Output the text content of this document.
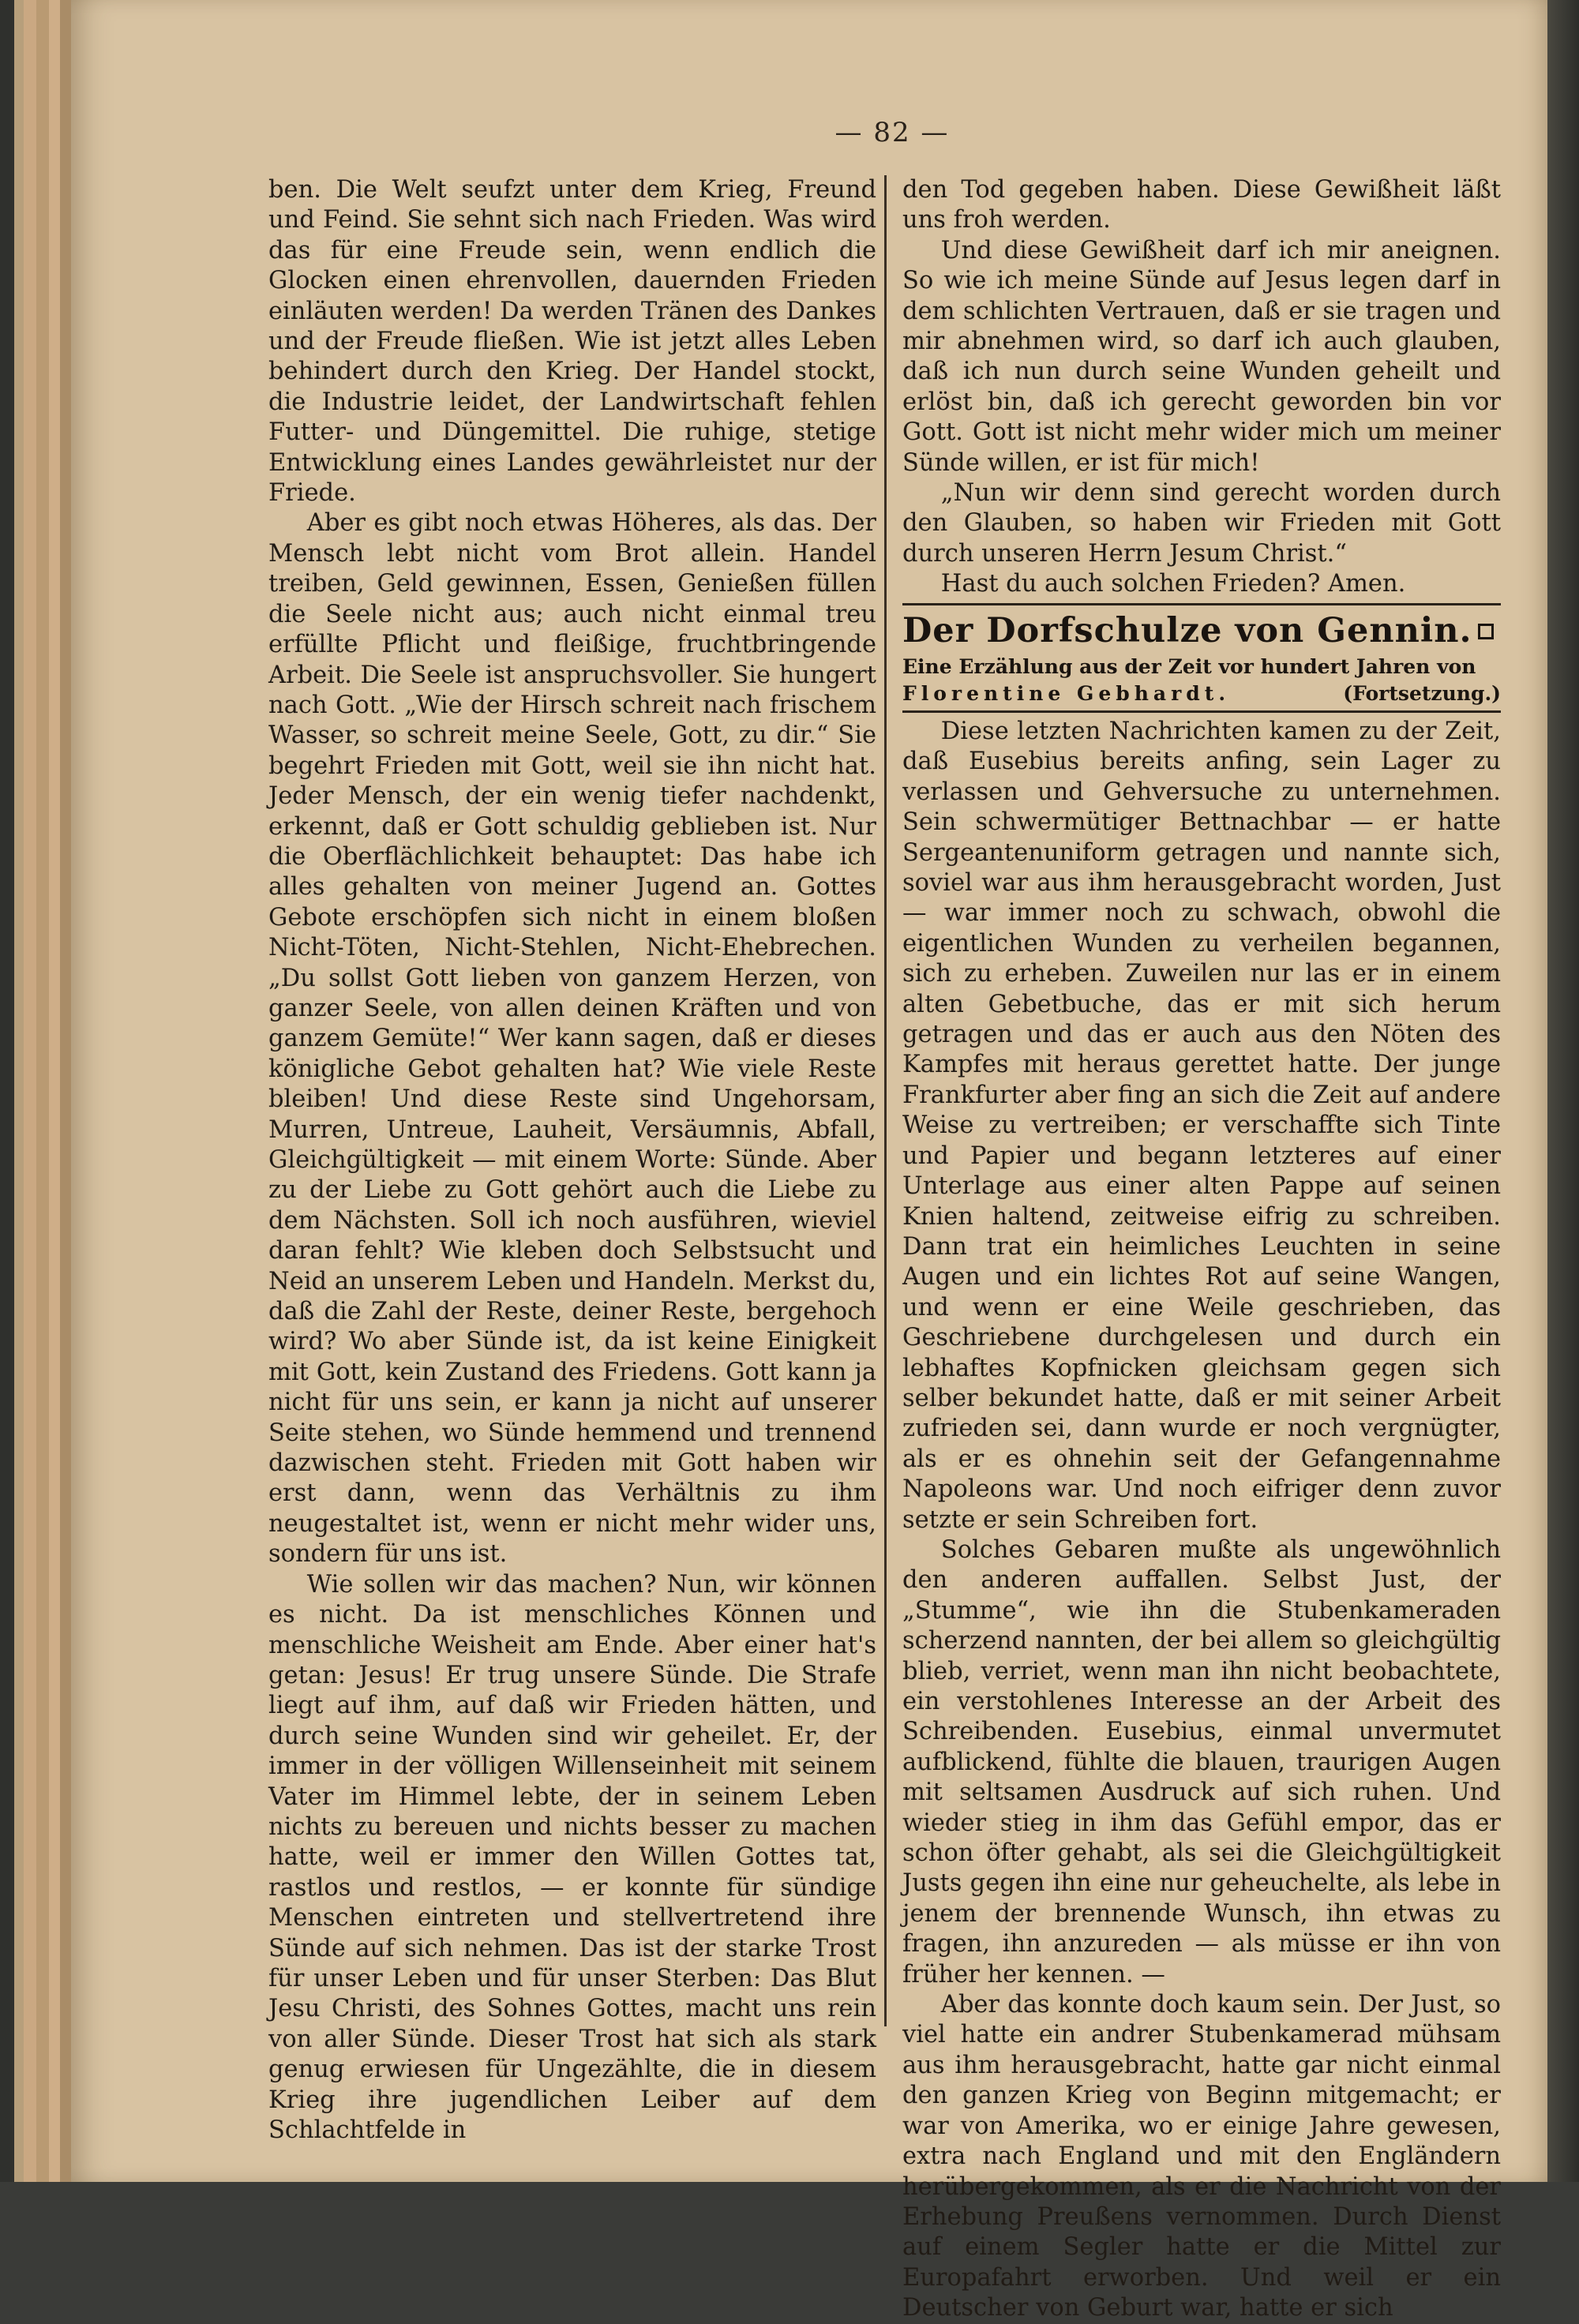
— 82 —

ben. Die Welt seufzt unter dem Krieg, Freund und Feind. Sie sehnt sich nach Frieden. Was wird das für eine Freude sein, wenn endlich die Glocken einen ehrenvollen, dauernden Frieden einläuten werden! Da werden Tränen des Dankes und der Freude fließen. Wie ist jetzt alles Leben behindert durch den Krieg. Der Handel stockt, die Industrie leidet, der Landwirtschaft fehlen Futter- und Düngemittel. Die ruhige, stetige Entwicklung eines Landes gewährleistet nur der Friede.

Aber es gibt noch etwas Höheres, als das. Der Mensch lebt nicht vom Brot allein. Handel treiben, Geld gewinnen, Essen, Genießen füllen die Seele nicht aus; auch nicht einmal treu erfüllte Pflicht und fleißige, fruchtbringende Arbeit. Die Seele ist anspruchsvoller. Sie hungert nach Gott. „Wie der Hirsch schreit nach frischem Wasser, so schreit meine Seele, Gott, zu dir.“ Sie begehrt Frieden mit Gott, weil sie ihn nicht hat. Jeder Mensch, der ein wenig tiefer nachdenkt, erkennt, daß er Gott schuldig geblieben ist. Nur die Oberflächlichkeit behauptet: Das habe ich alles gehalten von meiner Jugend an. Gottes Gebote erschöpfen sich nicht in einem bloßen Nicht-Töten, Nicht-Stehlen, Nicht-Ehebrechen. „Du sollst Gott lieben von ganzem Herzen, von ganzer Seele, von allen deinen Kräften und von ganzem Gemüte!“ Wer kann sagen, daß er dieses königliche Gebot gehalten hat? Wie viele Reste bleiben! Und diese Reste sind Ungehorsam, Murren, Untreue, Lauheit, Versäumnis, Abfall, Gleichgültigkeit — mit einem Worte: Sünde. Aber zu der Liebe zu Gott gehört auch die Liebe zu dem Nächsten. Soll ich noch ausführen, wieviel daran fehlt? Wie kleben doch Selbstsucht und Neid an unserem Leben und Handeln. Merkst du, daß die Zahl der Reste, deiner Reste, bergehoch wird? Wo aber Sünde ist, da ist keine Einigkeit mit Gott, kein Zustand des Friedens. Gott kann ja nicht für uns sein, er kann ja nicht auf unserer Seite stehen, wo Sünde hemmend und trennend dazwischen steht. Frieden mit Gott haben wir erst dann, wenn das Verhältnis zu ihm neugestaltet ist, wenn er nicht mehr wider uns, sondern für uns ist.

Wie sollen wir das machen? Nun, wir können es nicht. Da ist menschliches Können und menschliche Weisheit am Ende. Aber einer hat's getan: Jesus! Er trug unsere Sünde. Die Strafe liegt auf ihm, auf daß wir Frieden hätten, und durch seine Wunden sind wir geheilet. Er, der immer in der völligen Willenseinheit mit seinem Vater im Himmel lebte, der in seinem Leben nichts zu bereuen und nichts besser zu machen hatte, weil er immer den Willen Gottes tat, rastlos und restlos, — er konnte für sündige Menschen eintreten und stellvertretend ihre Sünde auf sich nehmen. Das ist der starke Trost für unser Leben und für unser Sterben: Das Blut Jesu Christi, des Sohnes Gottes, macht uns rein von aller Sünde. Dieser Trost hat sich als stark genug erwiesen für Ungezählte, die in diesem Krieg ihre jugendlichen Leiber auf dem Schlachtfelde in

den Tod gegeben haben. Diese Gewißheit läßt uns froh werden.

Und diese Gewißheit darf ich mir aneignen. So wie ich meine Sünde auf Jesus legen darf in dem schlichten Vertrauen, daß er sie tragen und mir abnehmen wird, so darf ich auch glauben, daß ich nun durch seine Wunden geheilt und erlöst bin, daß ich gerecht geworden bin vor Gott. Gott ist nicht mehr wider mich um meiner Sünde willen, er ist für mich!

„Nun wir denn sind gerecht worden durch den Glauben, so haben wir Frieden mit Gott durch unseren Herrn Jesum Christ.“

Hast du auch solchen Frieden? Amen.

Der Dorfschulze von Gennin.
Eine Erzählung aus der Zeit vor hundert Jahren von
Florentine Gebhardt.	(Fortsetzung.)

Diese letzten Nachrichten kamen zu der Zeit, daß Eusebius bereits anfing, sein Lager zu verlassen und Gehversuche zu unternehmen. Sein schwermütiger Bettnachbar — er hatte Sergeantenuniform getragen und nannte sich, soviel war aus ihm herausgebracht worden, Just — war immer noch zu schwach, obwohl die eigentlichen Wunden zu verheilen begannen, sich zu erheben. Zuweilen nur las er in einem alten Gebetbuche, das er mit sich herum getragen und das er auch aus den Nöten des Kampfes mit heraus gerettet hatte. Der junge Frankfurter aber fing an sich die Zeit auf andere Weise zu vertreiben; er verschaffte sich Tinte und Papier und begann letzteres auf einer Unterlage aus einer alten Pappe auf seinen Knien haltend, zeitweise eifrig zu schreiben. Dann trat ein heimliches Leuchten in seine Augen und ein lichtes Rot auf seine Wangen, und wenn er eine Weile geschrieben, das Geschriebene durchgelesen und durch ein lebhaftes Kopfnicken gleichsam gegen sich selber bekundet hatte, daß er mit seiner Arbeit zufrieden sei, dann wurde er noch vergnügter, als er es ohnehin seit der Gefangennahme Napoleons war. Und noch eifriger denn zuvor setzte er sein Schreiben fort.

Solches Gebaren mußte als ungewöhnlich den anderen auffallen. Selbst Just, der „Stumme“, wie ihn die Stubenkameraden scherzend nannten, der bei allem so gleichgültig blieb, verriet, wenn man ihn nicht beobachtete, ein verstohlenes Interesse an der Arbeit des Schreibenden. Eusebius, einmal unvermutet aufblickend, fühlte die blauen, traurigen Augen mit seltsamen Ausdruck auf sich ruhen. Und wieder stieg in ihm das Gefühl empor, das er schon öfter gehabt, als sei die Gleichgültigkeit Justs gegen ihn eine nur geheuchelte, als lebe in jenem der brennende Wunsch, ihn etwas zu fragen, ihn anzureden — als müsse er ihn von früher her kennen. —

Aber das konnte doch kaum sein. Der Just, so viel hatte ein andrer Stubenkamerad mühsam aus ihm herausgebracht, hatte gar nicht einmal den ganzen Krieg von Beginn mitgemacht; er war von Amerika, wo er einige Jahre gewesen, extra nach England und mit den Engländern herübergekommen, als er die Nachricht von der Erhebung Preußens vernommen. Durch Dienst auf einem Segler hatte er die Mittel zur Europafahrt erworben. Und weil er ein Deutscher von Geburt war, hatte er sich
